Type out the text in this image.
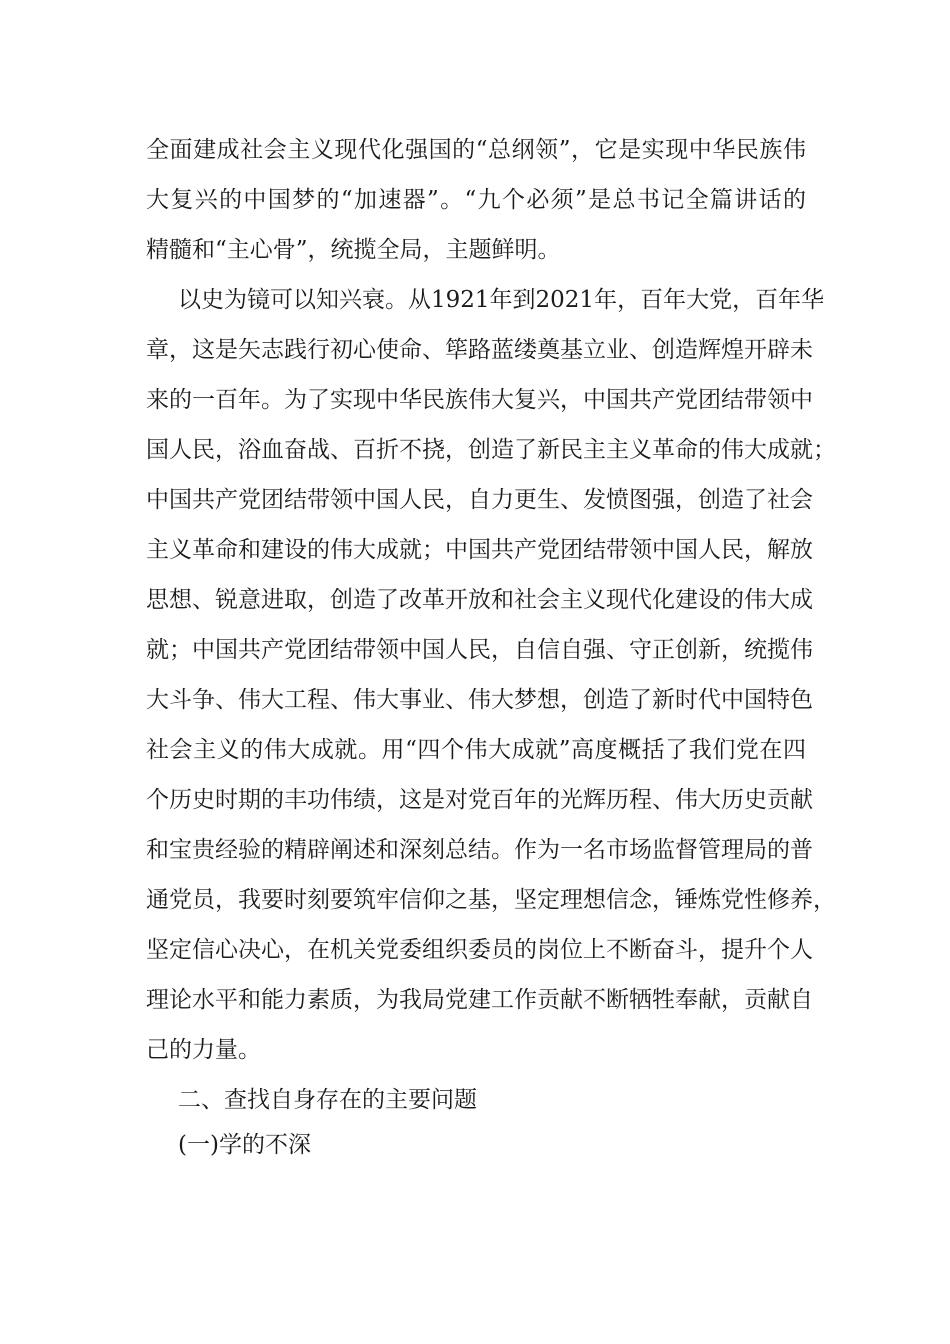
全面建成社会主义现代化强国的“总纲领”，它是实现中华民族伟
大复兴的中国梦的“加速器”。“九个必须”是总书记全篇讲话的
精髓和“主心骨”，统揽全局，主题鲜明。
以史为镜可以知兴衰。从1921年到2021年，百年大党，百年华
章，这是矢志践行初心使命、筚路蓝缕奠基立业、创造辉煌开辟未
来的一百年。为了实现中华民族伟大复兴，中国共产党团结带领中
国人民，浴血奋战、百折不挠，创造了新民主主义革命的伟大成就；
中国共产党团结带领中国人民，自力更生、发愤图强，创造了社会
主义革命和建设的伟大成就；中国共产党团结带领中国人民，解放
思想、锐意进取，创造了改革开放和社会主义现代化建设的伟大成
就；中国共产党团结带领中国人民，自信自强、守正创新，统揽伟
大斗争、伟大工程、伟大事业、伟大梦想，创造了新时代中国特色
社会主义的伟大成就。用“四个伟大成就”高度概括了我们党在四
个历史时期的丰功伟绩，这是对党百年的光辉历程、伟大历史贡献
和宝贵经验的精辟阐述和深刻总结。作为一名市场监督管理局的普
通党员，我要时刻要筑牢信仰之基，坚定理想信念，锤炼党性修养，
坚定信心决心，在机关党委组织委员的岗位上不断奋斗，提升个人
理论水平和能力素质，为我局党建工作贡献不断牺牲奉献，贡献自
己的力量。
二、查找自身存在的主要问题
(一)学的不深
